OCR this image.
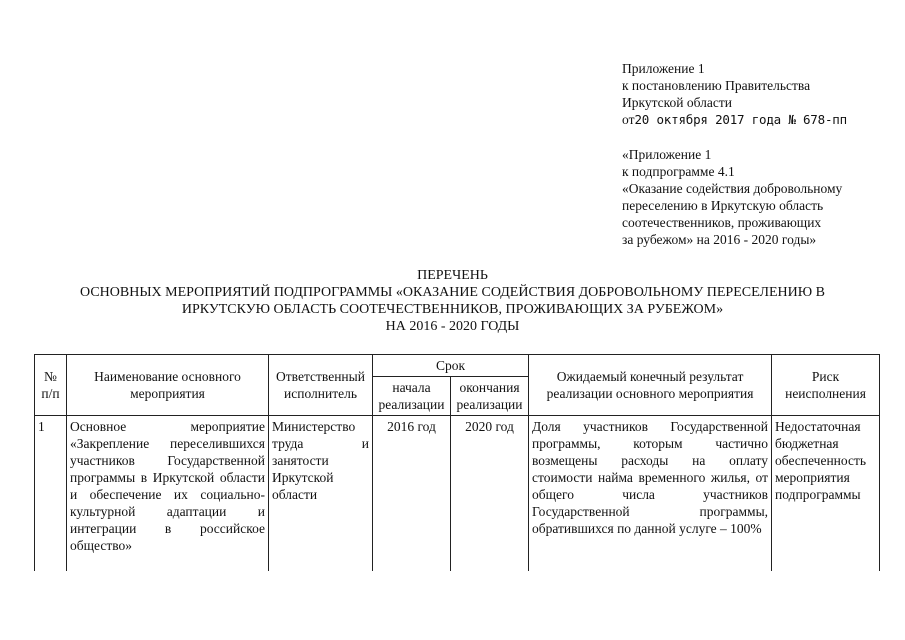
Приложение 1
к постановлению Правительства
Иркутской области
от20 октября 2017 года № 678-пп
«Приложение 1
к подпрограмме 4.1
«Оказание содействия добровольному
переселению в Иркутскую область
соотечественников, проживающих
за рубежом» на 2016 - 2020 годы»
ПЕРЕЧЕНЬ
ОСНОВНЫХ МЕРОПРИЯТИЙ ПОДПРОГРАММЫ «ОКАЗАНИЕ СОДЕЙСТВИЯ ДОБРОВОЛЬНОМУ ПЕРЕСЕЛЕНИЮ В
ИРКУТСКУЮ ОБЛАСТЬ СООТЕЧЕСТВЕННИКОВ, ПРОЖИВАЮЩИХ ЗА РУБЕЖОМ»
НА 2016 - 2020 ГОДЫ
№ п/п	Наименование основного мероприятия	Ответственный исполнитель	Срок		Ожидаемый конечный результат реализации основного мероприятия	Риск неисполнения
			начала реализации	окончания реализации		
1	Основное мероприятие «Закрепление переселившихся участников Государственной программы в Иркутской области и обеспечение их социально-культурной адаптации и интеграции в российское общество»	Министерство труда и занятости Иркутской области	2016 год	2020 год	Доля участников Государственной программы, которым частично возмещены расходы на оплату стоимости найма временного жилья, от общего числа участников Государственной программы, обратившихся по данной услуге – 100%	Недостаточная бюджетная обеспеченность мероприятия подпрограммы
